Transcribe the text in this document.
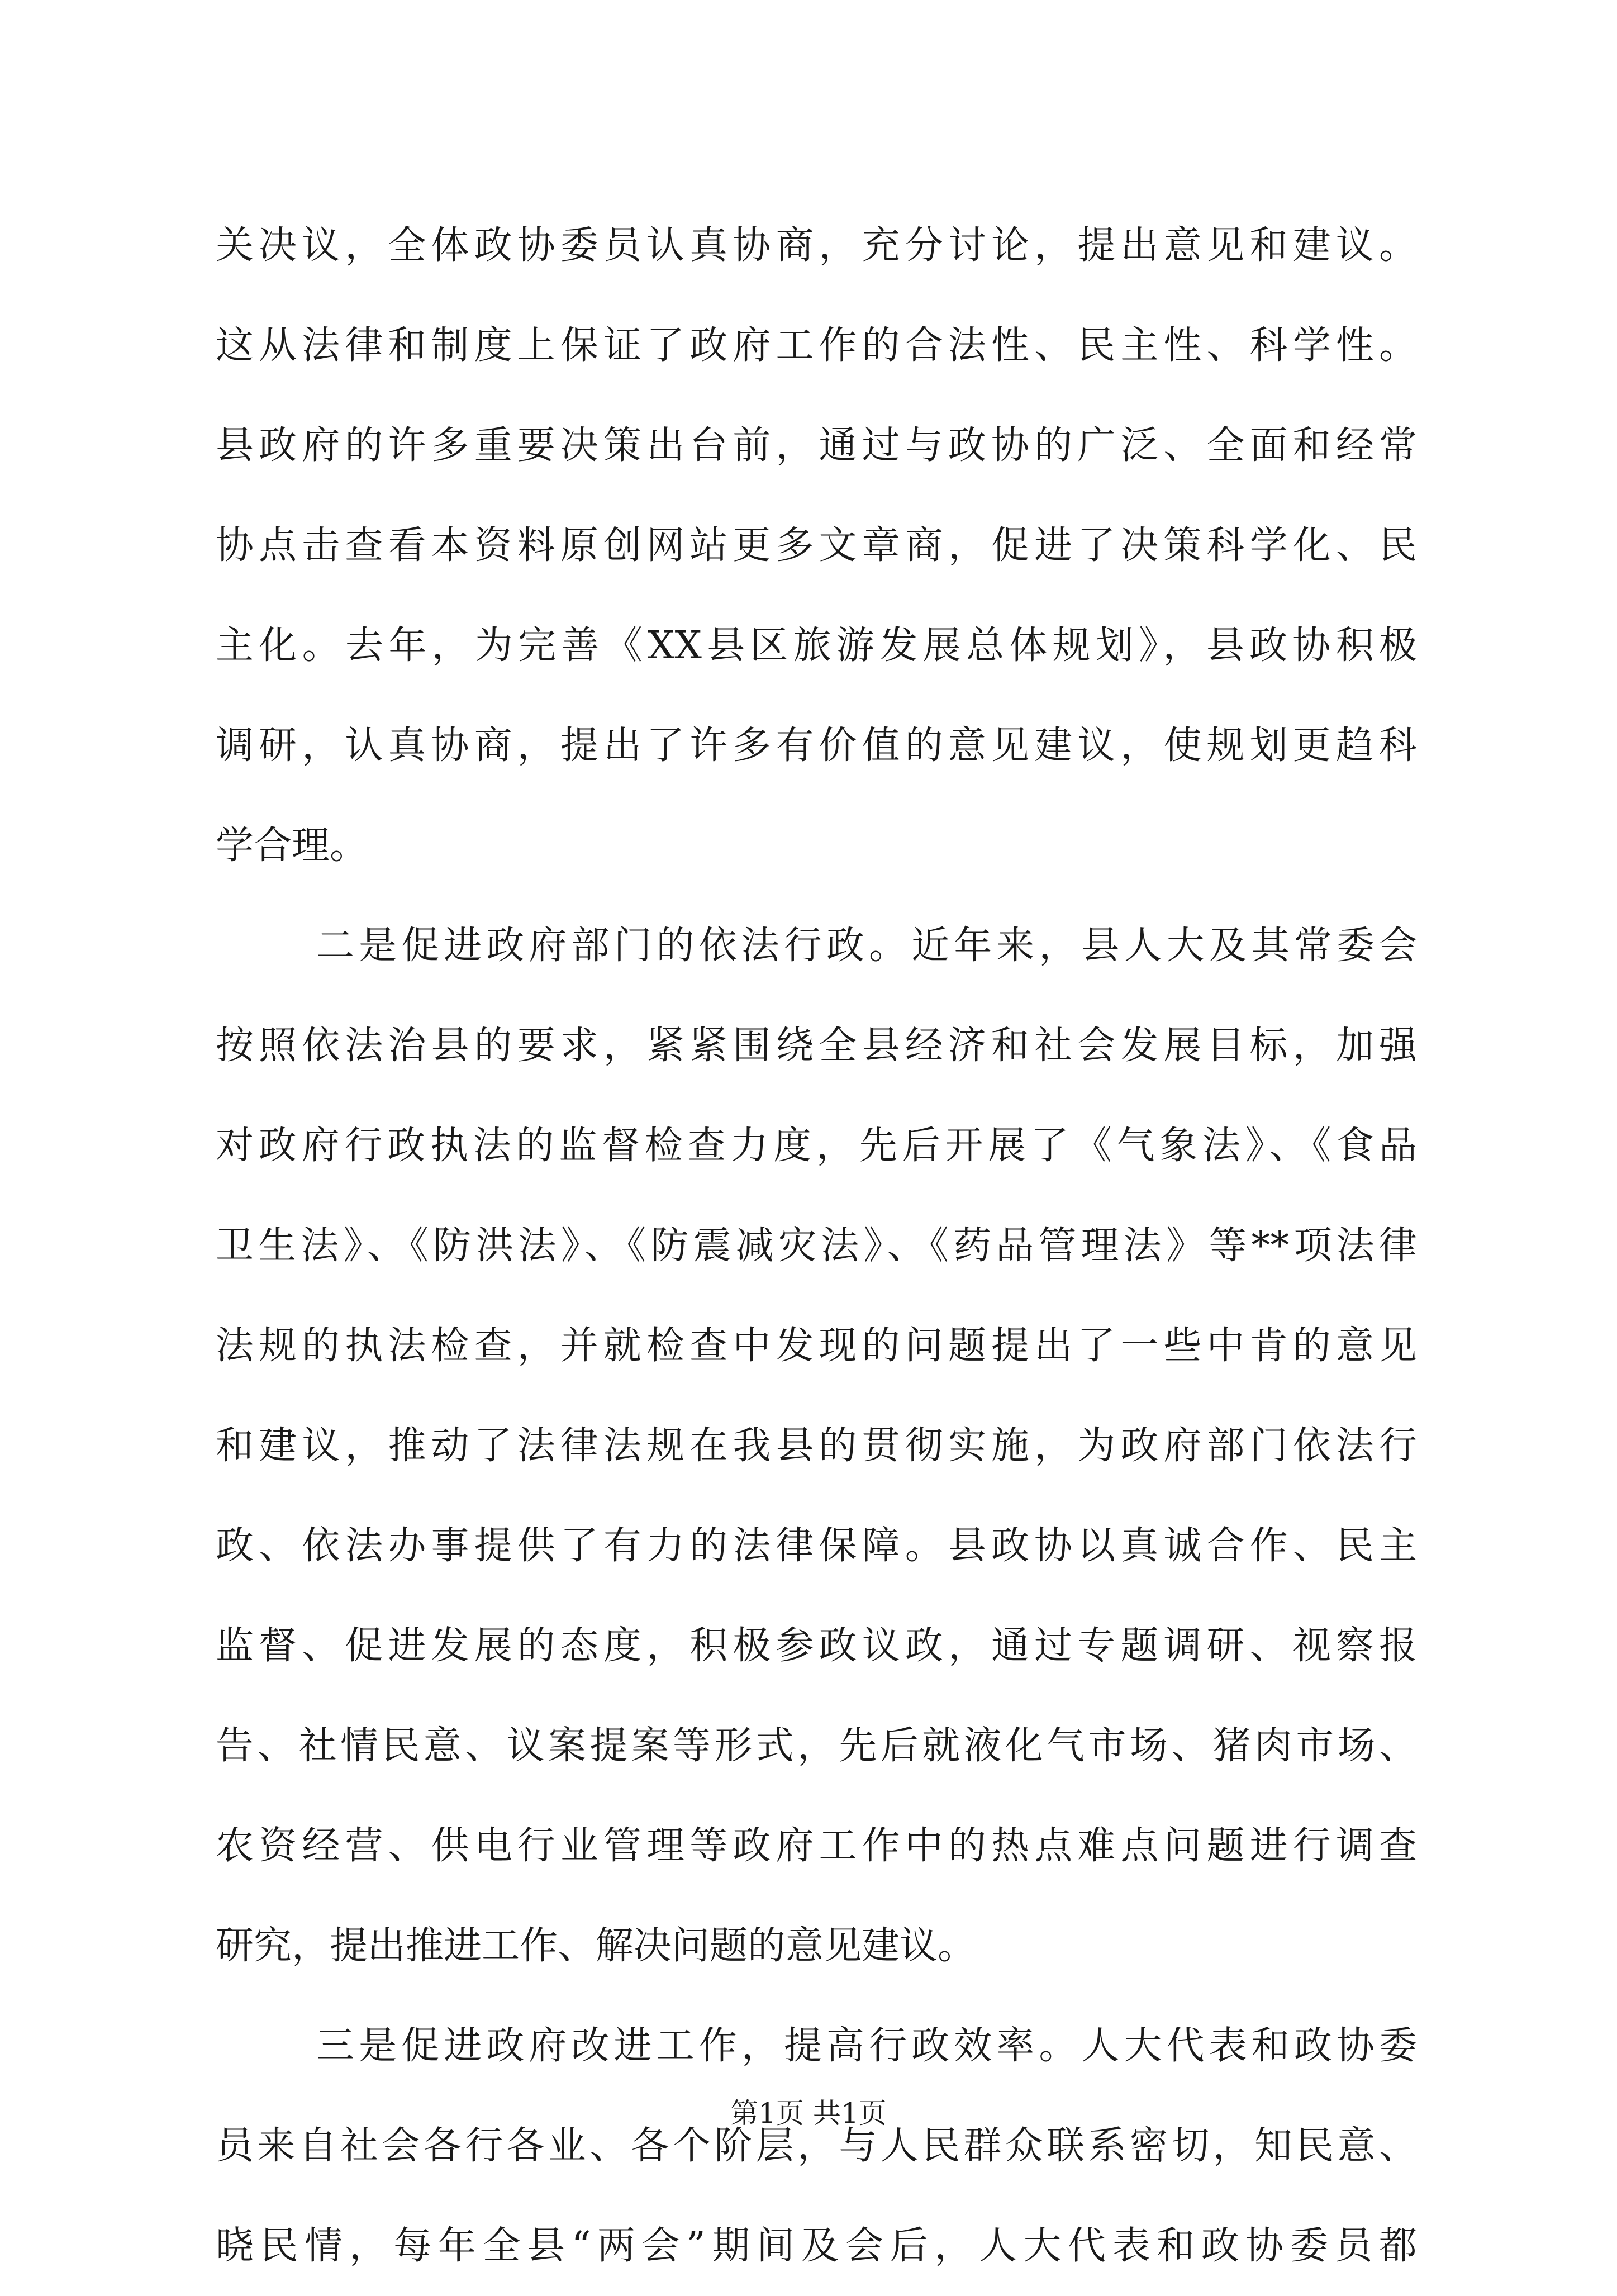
关决议，全体政协委员认真协商，充分讨论，提出意见和建议。
这从法律和制度上保证了政府工作的合法性、民主性、科学性。
县政府的许多重要决策出台前，通过与政协的广泛、全面和经常
协点击查看本资料原创网站更多文章商，促进了决策科学化、民
主化。去年，为完善《XX县区旅游发展总体规划》，县政协积极
调研，认真协商，提出了许多有价值的意见建议，使规划更趋科
学合理。
二是促进政府部门的依法行政。近年来，县人大及其常委会
按照依法治县的要求，紧紧围绕全县经济和社会发展目标，加强
对政府行政执法的监督检查力度，先后开展了《气象法》、《食品
卫生法》、《防洪法》、《防震减灾法》、《药品管理法》等**项法律
法规的执法检查，并就检查中发现的问题提出了一些中肯的意见
和建议，推动了法律法规在我县的贯彻实施，为政府部门依法行
政、依法办事提供了有力的法律保障。县政协以真诚合作、民主
监督、促进发展的态度，积极参政议政，通过专题调研、视察报
告、社情民意、议案提案等形式，先后就液化气市场、猪肉市场、
农资经营、供电行业管理等政府工作中的热点难点问题进行调查
研究，提出推进工作、解决问题的意见建议。
三是促进政府改进工作，提高行政效率。人大代表和政协委
员来自社会各行各业、各个阶层，与人民群众联系密切，知民意、
晓民情，每年全县“两会”期间及会后，人大代表和政协委员都
第1页 共1页
